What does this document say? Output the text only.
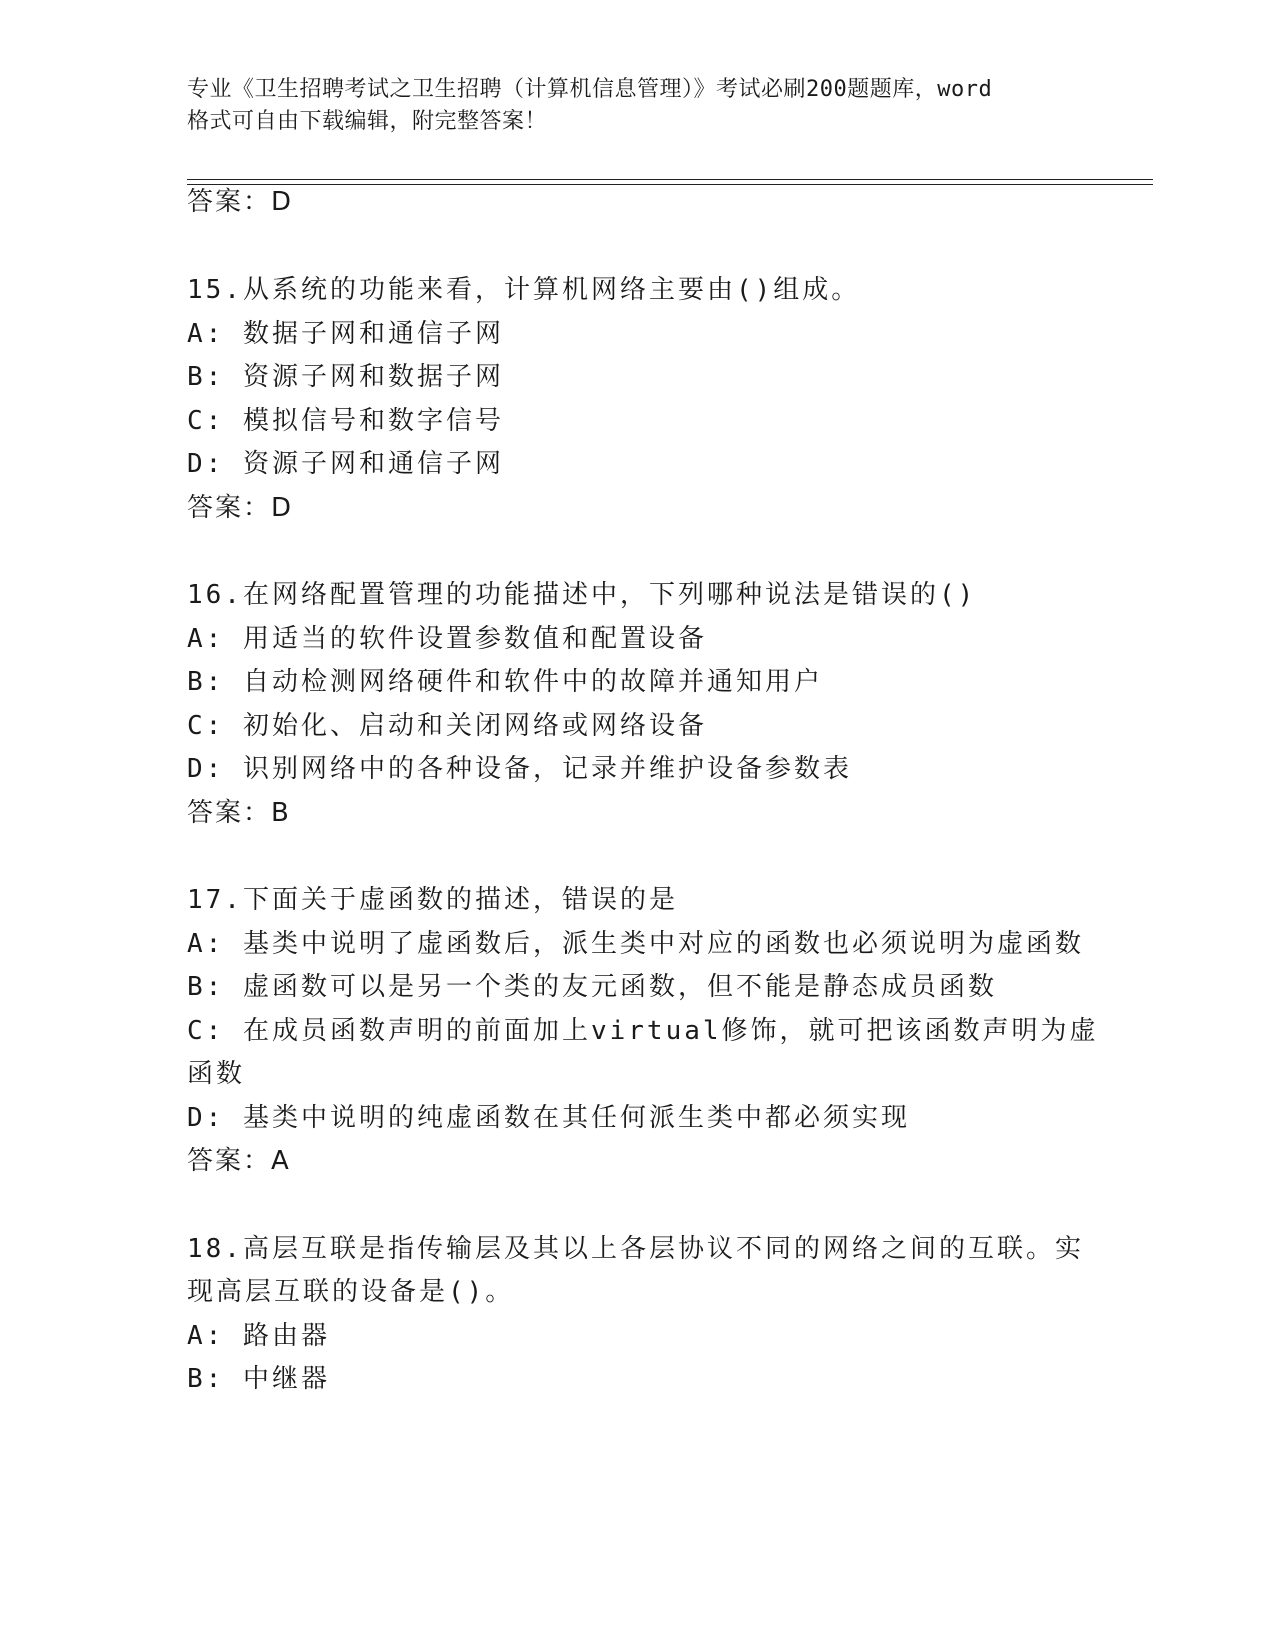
专业《卫生招聘考试之卫生招聘（计算机信息管理）》考试必刷200题题库，word
格式可自由下载编辑，附完整答案！
答案：D
15.从系统的功能来看，计算机网络主要由()组成。
A: 数据子网和通信子网
B: 资源子网和数据子网
C: 模拟信号和数字信号
D: 资源子网和通信子网
答案：D
16.在网络配置管理的功能描述中，下列哪种说法是错误的()
A: 用适当的软件设置参数值和配置设备
B: 自动检测网络硬件和软件中的故障并通知用户
C: 初始化、启动和关闭网络或网络设备
D: 识别网络中的各种设备，记录并维护设备参数表
答案：B
17.下面关于虚函数的描述，错误的是
A: 基类中说明了虚函数后，派生类中对应的函数也必须说明为虚函数
B: 虚函数可以是另一个类的友元函数，但不能是静态成员函数
C: 在成员函数声明的前面加上virtual修饰，就可把该函数声明为虚
函数
D: 基类中说明的纯虚函数在其任何派生类中都必须实现
答案：A
18.高层互联是指传输层及其以上各层协议不同的网络之间的互联。实
现高层互联的设备是()。
A: 路由器
B: 中继器
